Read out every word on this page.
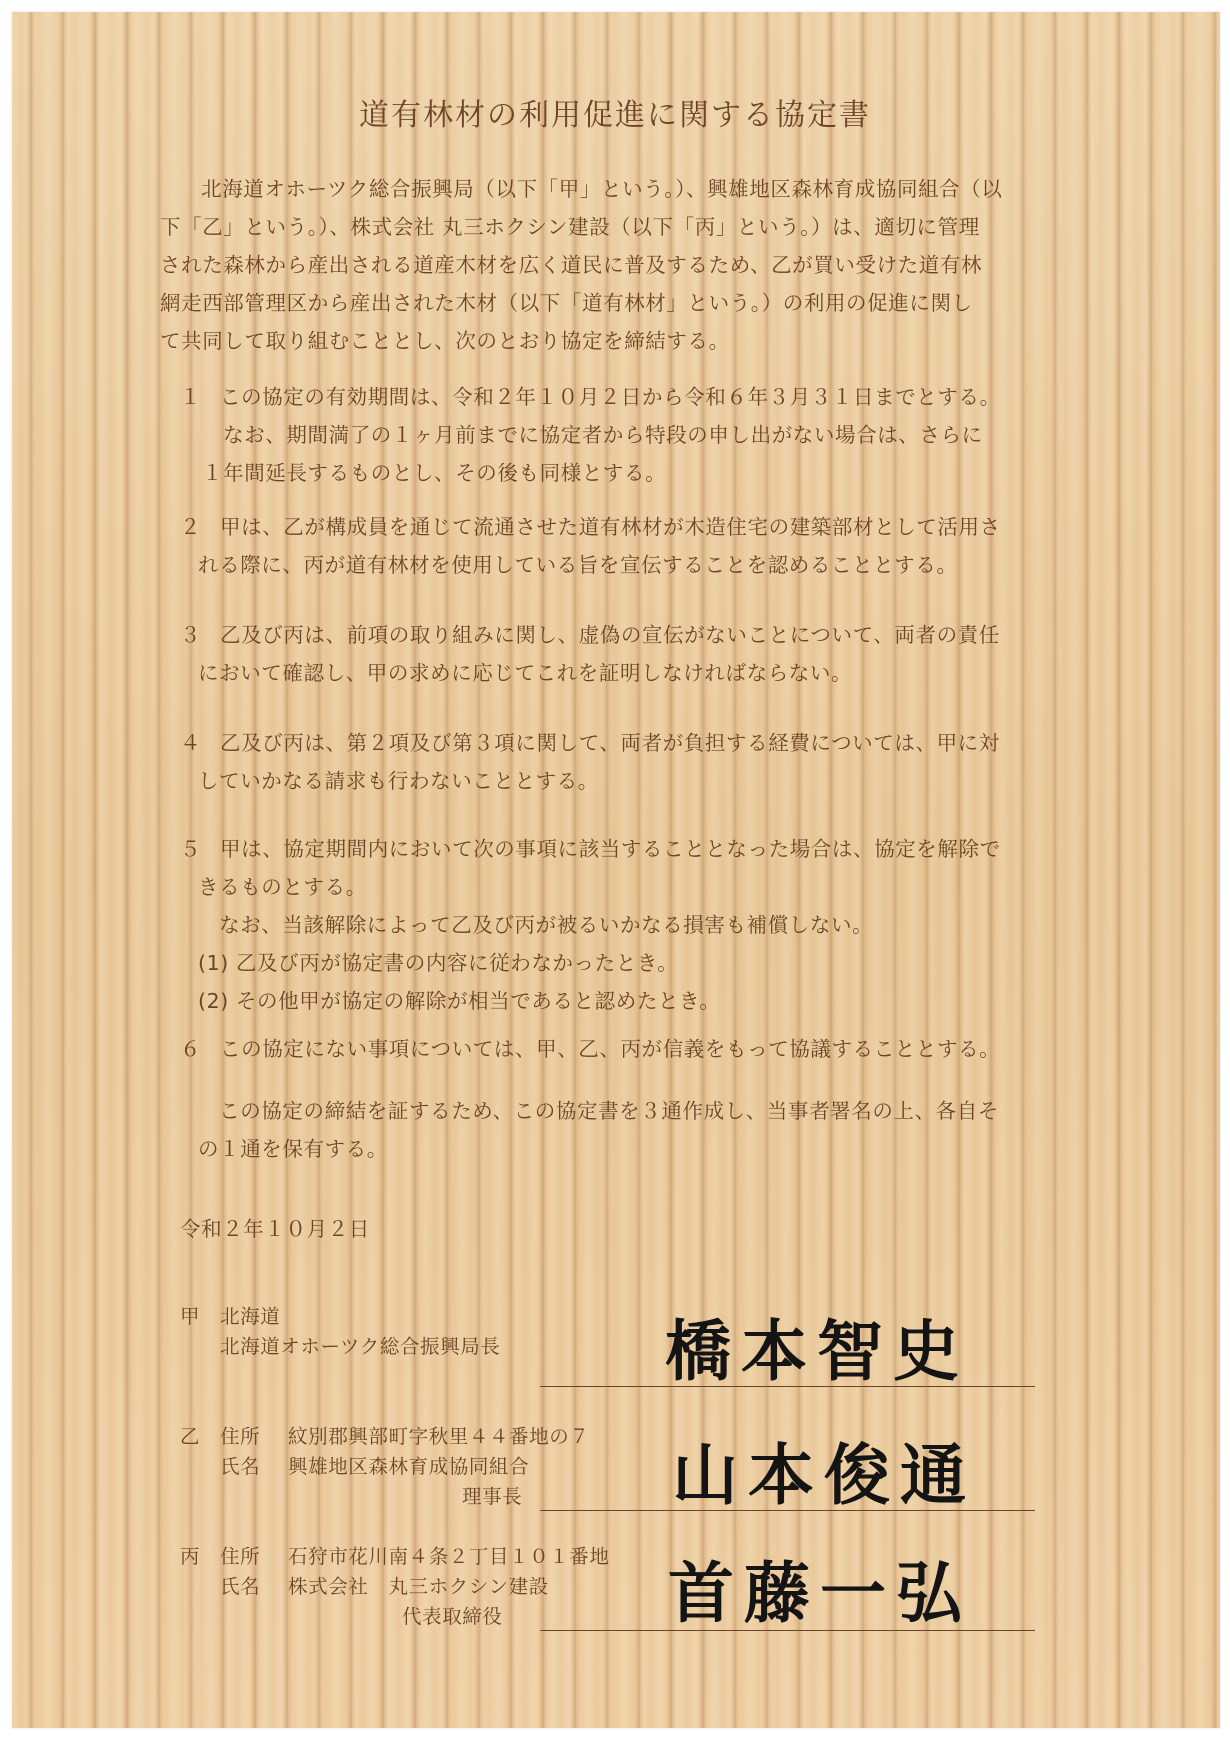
道有林材の利用促進に関する協定書
　北海道オホーツク総合振興局（以下「甲」という。）、興雄地区森林育成協同組合（以
下「乙」という。）、株式会社 丸三ホクシン建設（以下「丙」という。）は、適切に管理
された森林から産出される道産木材を広く道民に普及するため、乙が買い受けた道有林
網走西部管理区から産出された木材（以下「道有林材」という。）の利用の促進に関し
て共同して取り組むこととし、次のとおり協定を締結する。
１ この協定の有効期間は、令和２年１０月２日から令和６年３月３１日までとする。
　なお、期間満了の１ヶ月前までに協定者から特段の申し出がない場合は、さらに
１年間延長するものとし、その後も同様とする。
２ 甲は、乙が構成員を通じて流通させた道有林材が木造住宅の建築部材として活用さ
れる際に、丙が道有林材を使用している旨を宣伝することを認めることとする。
３ 乙及び丙は、前項の取り組みに関し、虚偽の宣伝がないことについて、両者の責任
において確認し、甲の求めに応じてこれを証明しなければならない。
４ 乙及び丙は、第２項及び第３項に関して、両者が負担する経費については、甲に対
していかなる請求も行わないこととする。
５ 甲は、協定期間内において次の事項に該当することとなった場合は、協定を解除で
きるものとする。
　なお、当該解除によって乙及び丙が被るいかなる損害も補償しない。
(1) 乙及び丙が協定書の内容に従わなかったとき。
(2) その他甲が協定の解除が相当であると認めたとき。
６ この協定にない事項については、甲、乙、丙が信義をもって協議することとする。
　この協定の締結を証するため、この協定書を３通作成し、当事者署名の上、各自そ
の１通を保有する。
令和２年１０月２日
甲 北海道
北海道オホーツク総合振興局長 橋本智史
乙 住所 紋別郡興部町字秋里４４番地の７
氏名 興雄地区森林育成協同組合
理事長	山本俊通
丙 住所 石狩市花川南４条２丁目１０１番地
氏名 株式会社　丸三ホクシン建設
代表取締役	首藤一弘
